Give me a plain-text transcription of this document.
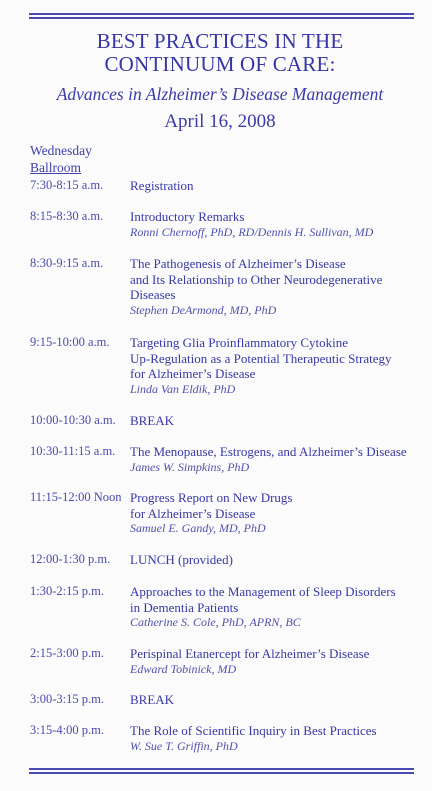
BEST PRACTICES IN THE
CONTINUUM OF CARE:
Advances in Alzheimer’s Disease Management
April 16, 2008
Wednesday
Ballroom
7:30-8:15 a.m. Registration
8:15-8:30 a.m. Introductory Remarks
Ronni Chernoff, PhD, RD/Dennis H. Sullivan, MD
8:30-9:15 a.m. The Pathogenesis of Alzheimer’s Disease
and Its Relationship to Other Neurodegenerative
Diseases
Stephen DeArmond, MD, PhD
9:15-10:00 a.m. Targeting Glia Proinflammatory Cytokine
Up-Regulation as a Potential Therapeutic Strategy
for Alzheimer’s Disease
Linda Van Eldik, PhD
10:00-10:30 a.m. BREAK
10:30-11:15 a.m. The Menopause, Estrogens, and Alzheimer’s Disease
James W. Simpkins, PhD
11:15-12:00 Noon Progress Report on New Drugs
for Alzheimer’s Disease
Samuel E. Gandy, MD, PhD
12:00-1:30 p.m. LUNCH (provided)
1:30-2:15 p.m. Approaches to the Management of Sleep Disorders
in Dementia Patients
Catherine S. Cole, PhD, APRN, BC
2:15-3:00 p.m. Perispinal Etanercept for Alzheimer’s Disease
Edward Tobinick, MD
3:00-3:15 p.m. BREAK
3:15-4:00 p.m. The Role of Scientific Inquiry in Best Practices
W. Sue T. Griffin, PhD
